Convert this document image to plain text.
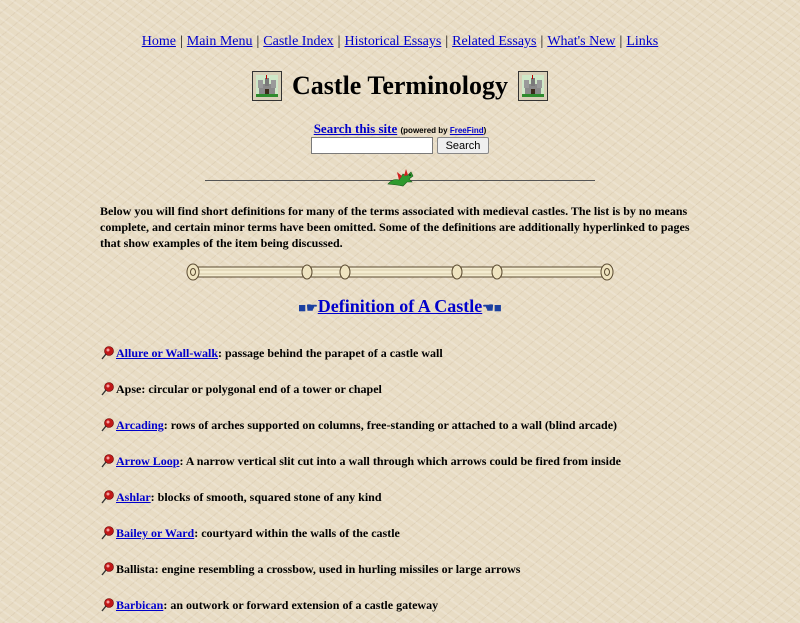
Home | Main Menu | Castle Index | Historical Essays | Related Essays | What's New | Links
Castle Terminology
Search this site (powered by FreeFind)
Search
Below you will find short definitions for many of the terms associated with medieval castles. The list is by no means complete, and certain minor terms have been omitted. Some of the definitions are additionally hyperlinked to pages that show examples of the item being discussed.
■☛Definition of A Castle☚■
Allure or Wall-walk : passage behind the parapet of a castle wall
Apse : circular or polygonal end of a tower or chapel
Arcading : rows of arches supported on columns, free-standing or attached to a wall (blind arcade)
Arrow Loop : A narrow vertical slit cut into a wall through which arrows could be fired from inside
Ashlar : blocks of smooth, squared stone of any kind
Bailey or Ward : courtyard within the walls of the castle
Ballista : engine resembling a crossbow, used in hurling missiles or large arrows
Barbican : an outwork or forward extension of a castle gateway
